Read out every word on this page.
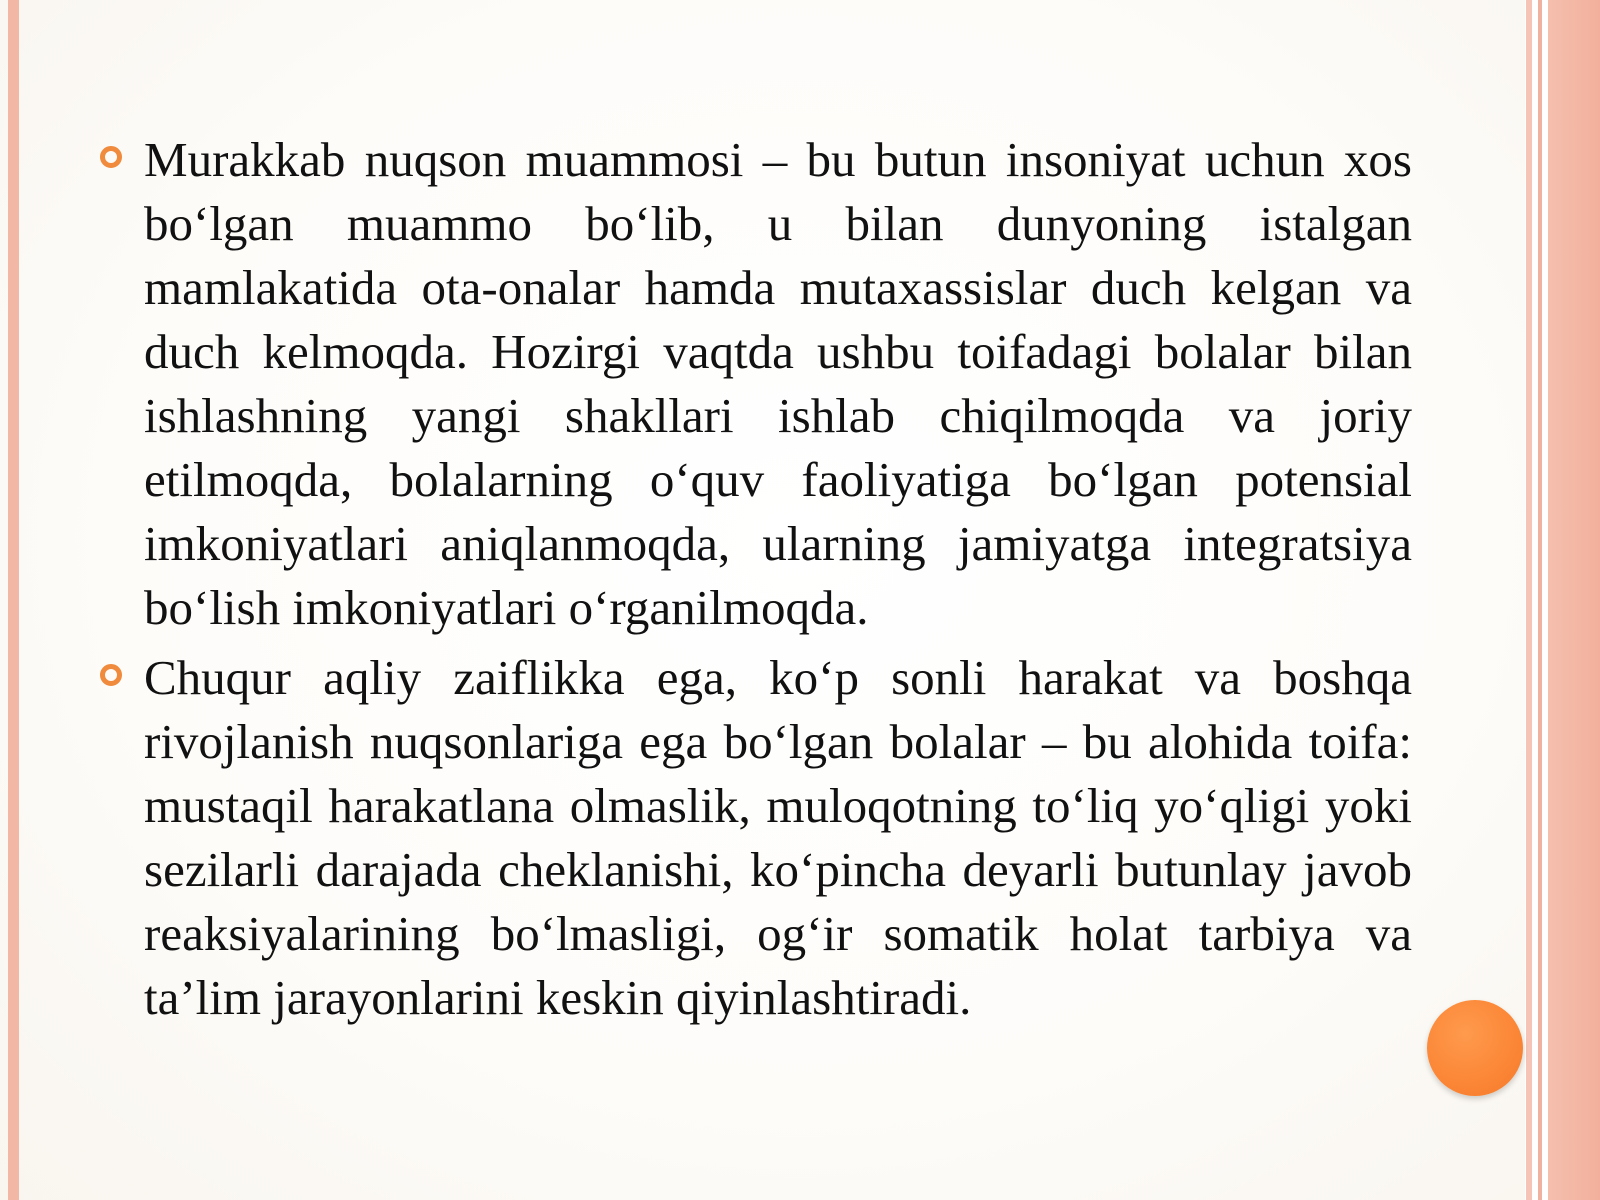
Murakkab nuqson muammosi – bu butun insoniyat uchun xos bo‘lgan muammo bo‘lib, u bilan dunyoning istalgan mamlakatida ota-onalar hamda mutaxassislar duch kelgan va duch kelmoqda. Hozirgi vaqtda ushbu toifadagi bolalar bilan ishlashning yangi shakllari ishlab chiqilmoqda va joriy etilmoqda, bolalarning o‘quv faoliyatiga bo‘lgan potensial imkoniyatlari aniqlanmoqda, ularning jamiyatga integratsiya bo‘lish imkoniyatlari o‘rganilmoqda.

Chuqur aqliy zaiflikka ega, ko‘p sonli harakat va boshqa rivojlanish nuqsonlariga ega bo‘lgan bolalar – bu alohida toifa: mustaqil harakatlana olmaslik, muloqotning to‘liq yo‘qligi yoki sezilarli darajada cheklanishi, ko‘pincha deyarli butunlay javob reaksiyalarining bo‘lmasligi, og‘ir somatik holat tarbiya va ta’lim jarayonlarini keskin qiyinlashtiradi.
